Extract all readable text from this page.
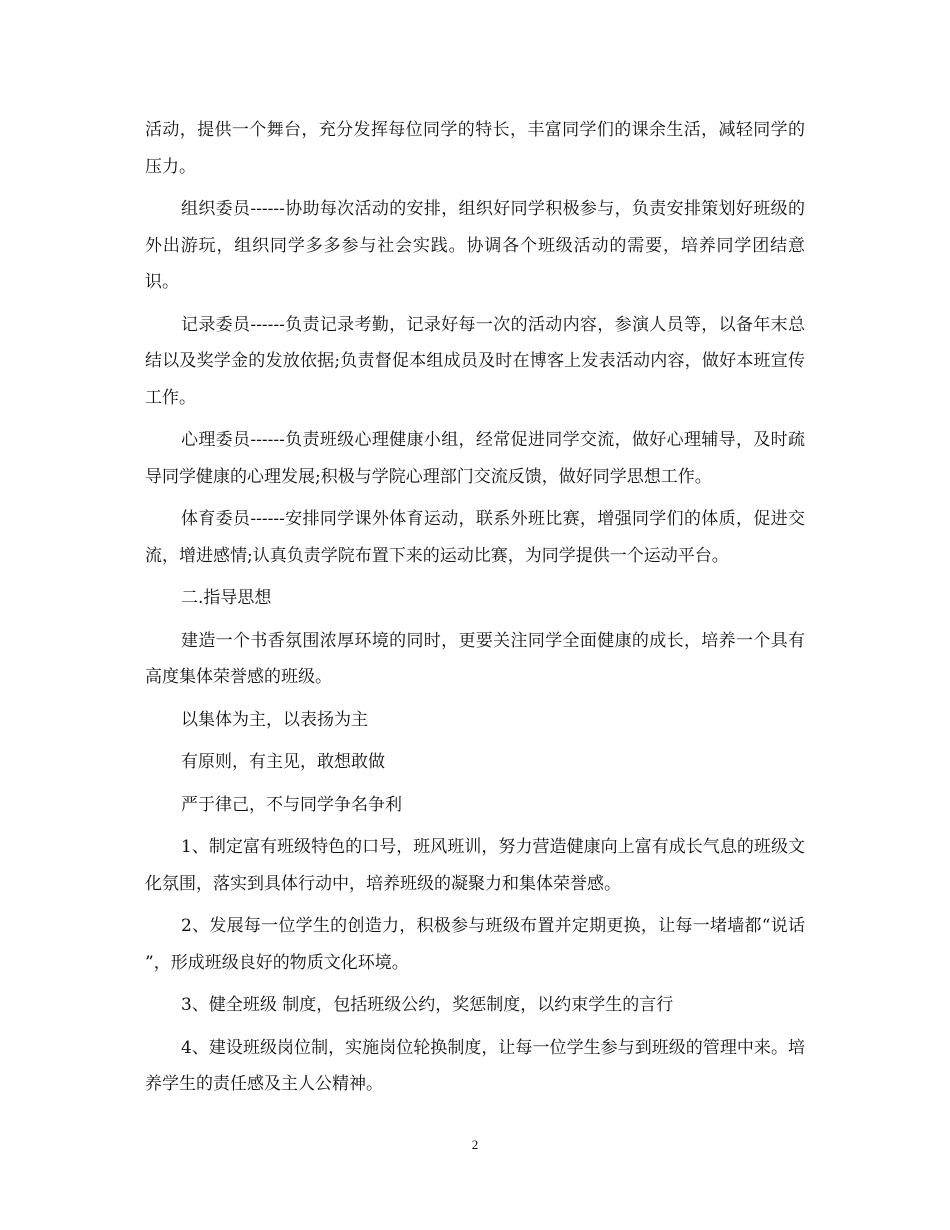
活动，提供一个舞台，充分发挥每位同学的特长，丰富同学们的课余生活，减轻同学的压力。

组织委员------协助每次活动的安排，组织好同学积极参与，负责安排策划好班级的外出游玩，组织同学多多参与社会实践。协调各个班级活动的需要，培养同学团结意识。

记录委员------负责记录考勤，记录好每一次的活动内容，参演人员等，以备年末总结以及奖学金的发放依据;负责督促本组成员及时在博客上发表活动内容，做好本班宣传工作。

心理委员------负责班级心理健康小组，经常促进同学交流，做好心理辅导，及时疏导同学健康的心理发展;积极与学院心理部门交流反馈，做好同学思想工作。

体育委员------安排同学课外体育运动，联系外班比赛，增强同学们的体质，促进交流，增进感情;认真负责学院布置下来的运动比赛，为同学提供一个运动平台。

二.指导思想

建造一个书香氛围浓厚环境的同时，更要关注同学全面健康的成长，培养一个具有高度集体荣誉感的班级。

以集体为主，以表扬为主

有原则，有主见，敢想敢做

严于律己，不与同学争名争利

1、制定富有班级特色的口号，班风班训，努力营造健康向上富有成长气息的班级文化氛围，落实到具体行动中，培养班级的凝聚力和集体荣誉感。

2、发展每一位学生的创造力，积极参与班级布置并定期更换，让每一堵墙都“说话 ”，形成班级良好的物质文化环境。

3、健全班级 制度，包括班级公约，奖惩制度，以约束学生的言行

4、建设班级岗位制，实施岗位轮换制度，让每一位学生参与到班级的管理中来。培养学生的责任感及主人公精神。

2
